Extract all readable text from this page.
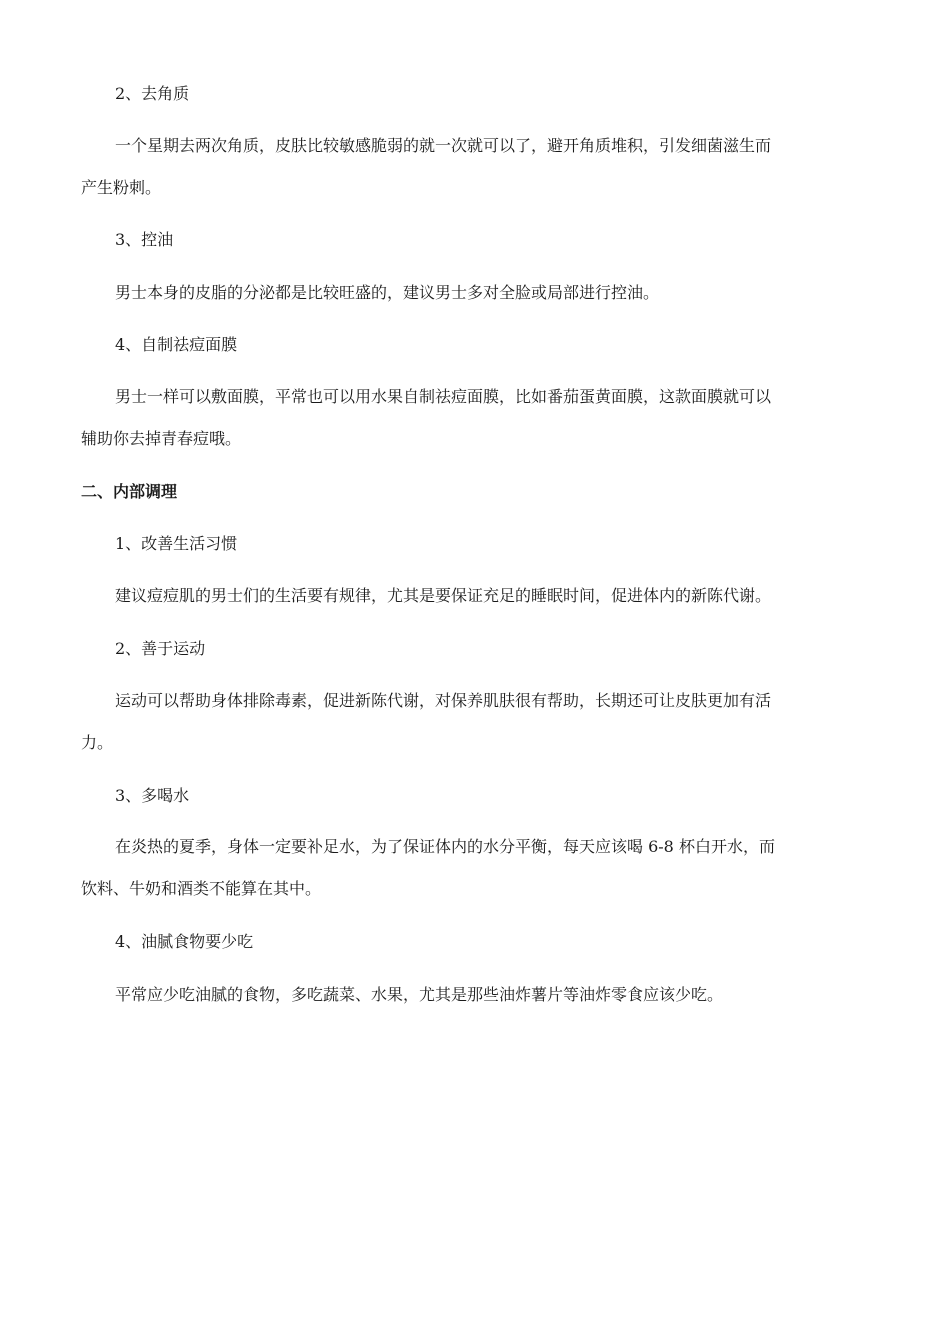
2、去角质
一个星期去两次角质，皮肤比较敏感脆弱的就一次就可以了，避开角质堆积，引发细菌滋生而
产生粉刺。
3、控油
男士本身的皮脂的分泌都是比较旺盛的，建议男士多对全脸或局部进行控油。
4、自制祛痘面膜
男士一样可以敷面膜，平常也可以用水果自制祛痘面膜，比如番茄蛋黄面膜，这款面膜就可以
辅助你去掉青春痘哦。
二、内部调理
1、改善生活习惯
建议痘痘肌的男士们的生活要有规律，尤其是要保证充足的睡眠时间，促进体内的新陈代谢。
2、善于运动
运动可以帮助身体排除毒素，促进新陈代谢，对保养肌肤很有帮助，长期还可让皮肤更加有活
力。
3、多喝水
在炎热的夏季，身体一定要补足水，为了保证体内的水分平衡，每天应该喝 6-8 杯白开水，而
饮料、牛奶和酒类不能算在其中。
4、油腻食物要少吃
平常应少吃油腻的食物，多吃蔬菜、水果，尤其是那些油炸薯片等油炸零食应该少吃。
